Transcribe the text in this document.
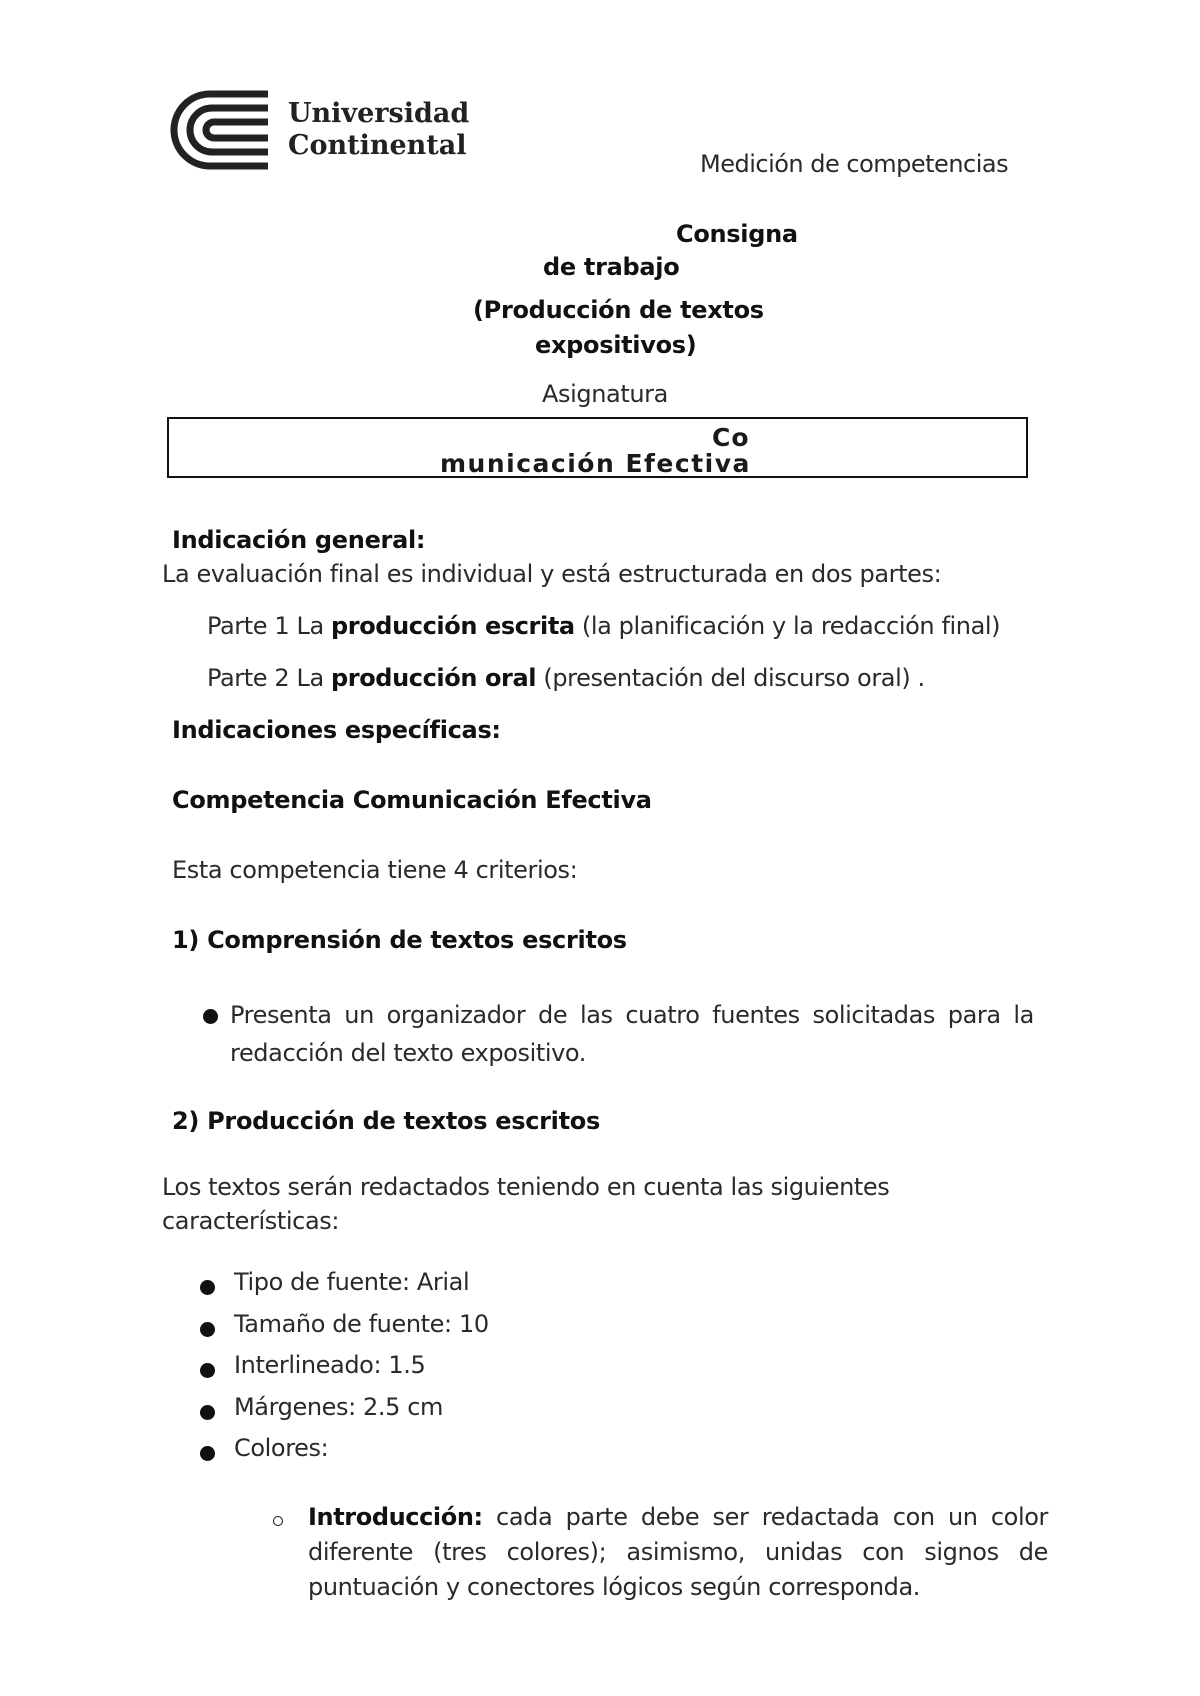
Universidad
Continental
Medición de competencias
Consigna
de trabajo
(Producción de textos
expositivos)
Asignatura
Co
municación Efectiva
Indicación general:
La evaluación final es individual y está estructurada en dos partes:
Parte 1 La producción escrita (la planificación y la redacción final)
Parte 2 La producción oral (presentación del discurso oral) .
Indicaciones específicas:
Competencia Comunicación Efectiva
Esta competencia tiene 4 criterios:
1) Comprensión de textos escritos
Presenta un organizador de las cuatro fuentes solicitadas para la redacción del texto expositivo.
2) Producción de textos escritos
Los textos serán redactados teniendo en cuenta las siguientes características:
Tipo de fuente: Arial
Tamaño de fuente: 10
Interlineado: 1.5
Márgenes: 2.5 cm
Colores:
Introducción: cada parte debe ser redactada con un color diferente (tres colores); asimismo, unidas con signos de puntuación y conectores lógicos según corresponda.
